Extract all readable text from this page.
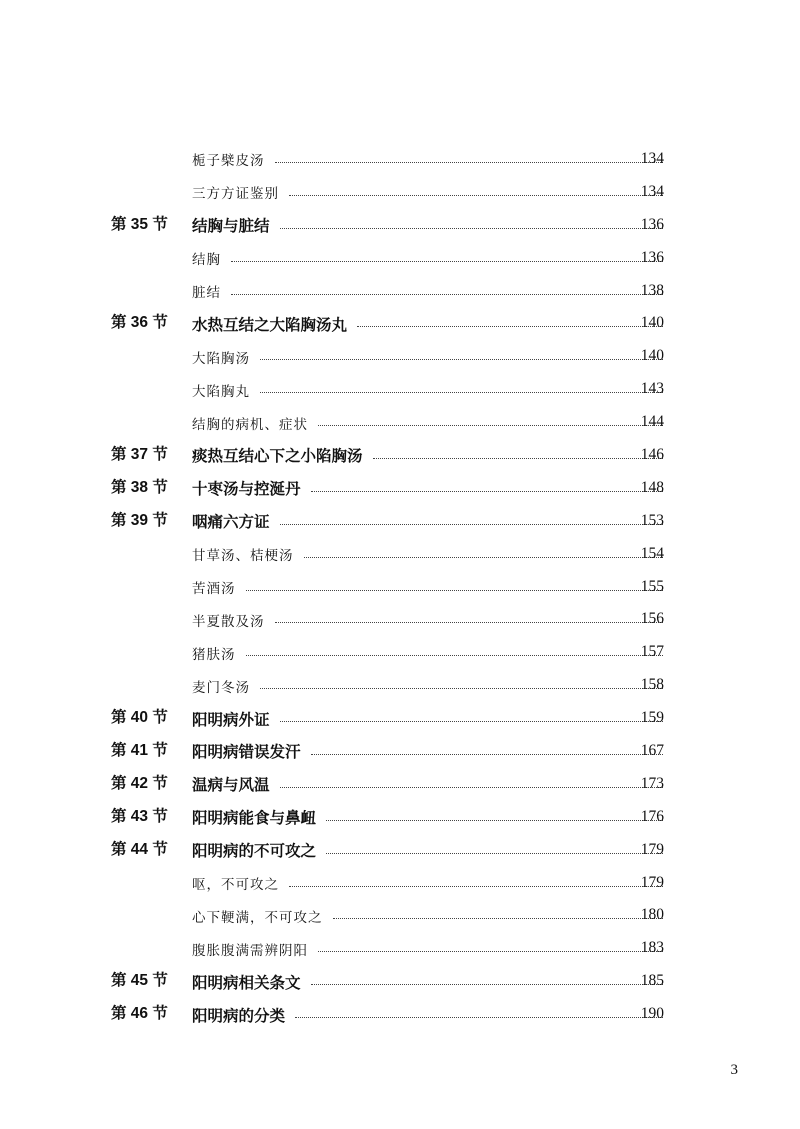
栀子檗皮汤	134
三方方证鉴别	134
第 35 节 结胸与脏结	136
结胸	136
脏结	138
第 36 节 水热互结之大陷胸汤丸	140
大陷胸汤	140
大陷胸丸	143
结胸的病机、症状	144
第 37 节 痰热互结心下之小陷胸汤	146
第 38 节 十枣汤与控涎丹	148
第 39 节 咽痛六方证	153
甘草汤、桔梗汤	154
苦酒汤	155
半夏散及汤	156
猪肤汤	157
麦门冬汤	158
第 40 节 阳明病外证	159
第 41 节 阳明病错误发汗	167
第 42 节 温病与风温	173
第 43 节 阳明病能食与鼻衄	176
第 44 节 阳明病的不可攻之	179
呕，不可攻之	179
心下鞕满，不可攻之	180
腹胀腹满需辨阴阳	183
第 45 节 阳明病相关条文	185
第 46 节 阳明病的分类	190
3
